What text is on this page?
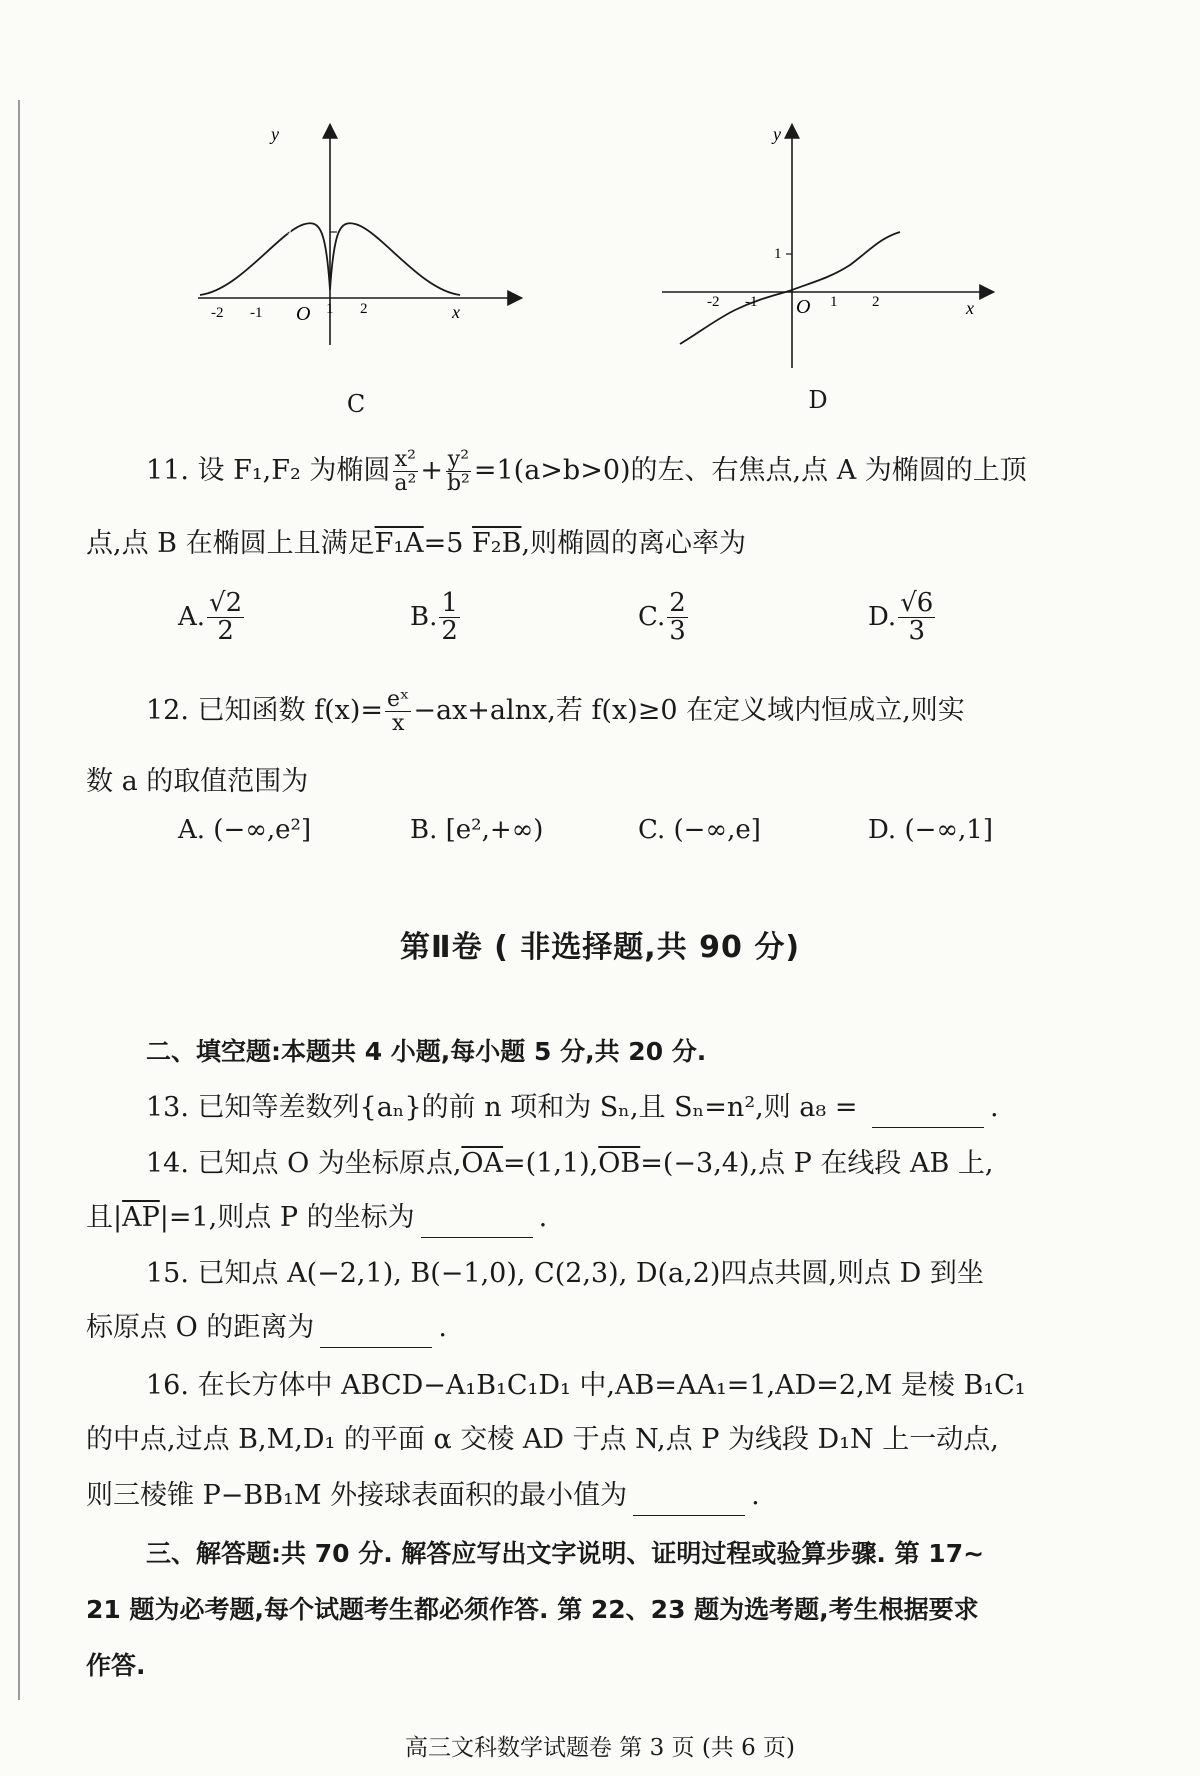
y
x
O
-2 -1	1 2
1
C
y
x
O
-2 -1	1 2
1
D
11. 设 F₁,F₂ 为椭圆 $\frac{\text{x²}}{\text{a²}} + \frac{\text{y²}}{\text{b²}} =1(a>b>0)$的左、右焦点,点 A 为椭圆的上顶
点,点 B 在椭圆上且满足F₁A=5 F₂B,则椭圆的离心率为
A. $\frac{√2}{2}$	B. $\frac{1}{2}$	C. $\frac{2}{3}$	D. $\frac{√6}{3}$
12. 已知函数 $f(x)= \frac{\text{eˣ}}{x} -ax+alnx$,若 f(x)≥0 在定义域内恒成立,则实
数 a 的取值范围为
A. (−∞,e²]	B. [e²,+∞)	C. (−∞,e]	D. (−∞,1]
第Ⅱ卷 ( 非选择题,共 90 分)
二、填空题:本题共 4 小题,每小题 5 分,共 20 分.
13. 已知等差数列{aₙ}的前 n 项和为 Sₙ,且 Sₙ=n²,则 a₈ =	.
14. 已知点 O 为坐标原点$,\overline{OA}=(1,1),\overline{OB}=(-3,4)$,点 P 在线段 AB 上,
且$|\overline{AP}|=1$,则点 P 的坐标为	.
15. 已知点 A(−2,1), B(−1,0), C(2,3), D(a,2)四点共圆,则点 D 到坐
标原点 O 的距离为	.
16. 在长方体中 ABCD−A₁B₁C₁D₁ 中,AB=AA₁=1,AD=2,M 是棱 B₁C₁
的中点,过点 B,M,D₁ 的平面 α 交棱 AD 于点 N,点 P 为线段 D₁N 上一动点,
则三棱锥 P−BB₁M 外接球表面积的最小值为	.
三、解答题:共 70 分. 解答应写出文字说明、证明过程或验算步骤. 第 17~
21 题为必考题,每个试题考生都必须作答. 第 22、23 题为选考题,考生根据要求
作答.
高三文科数学试题卷 第 3 页 (共 6 页)
